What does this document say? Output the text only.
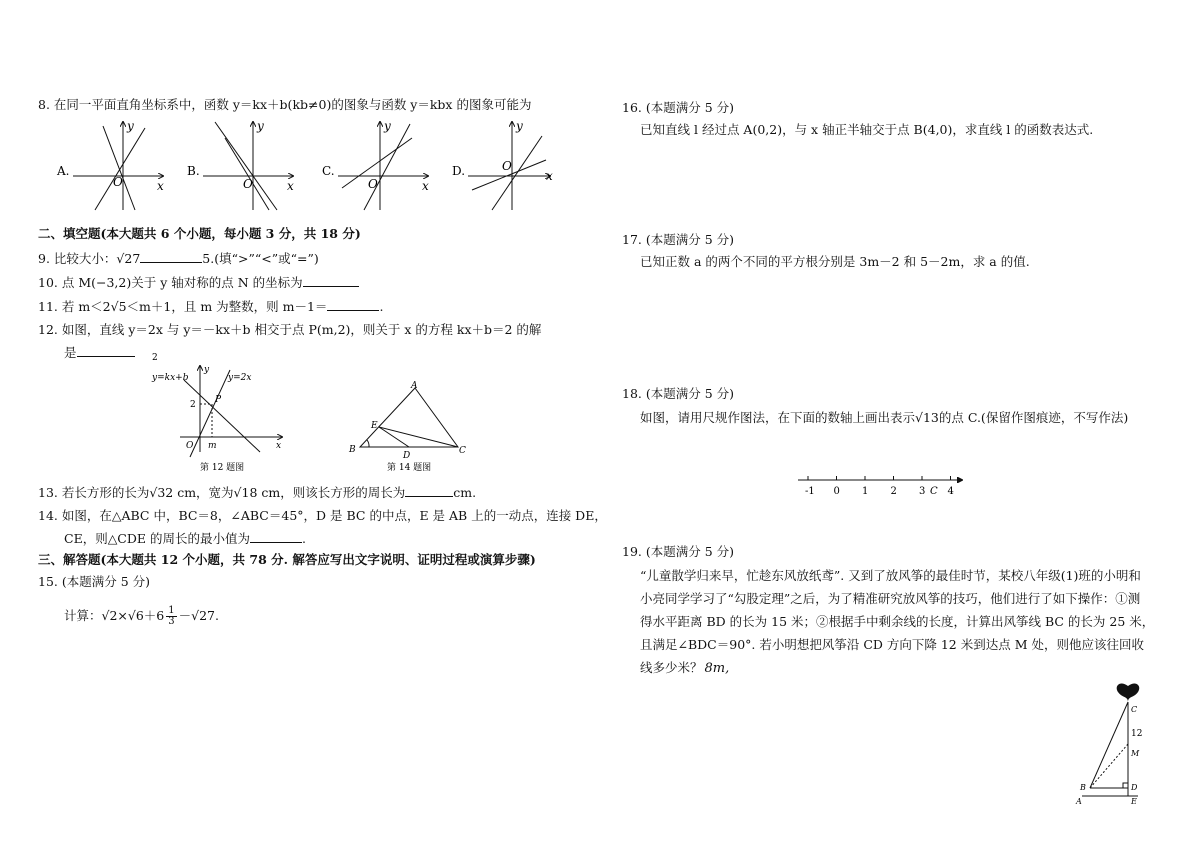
8. 在同一平面直角坐标系中，函数 y＝kx＋b(kb≠0)的图象与函数 y＝kbx 的图象可能为
A.
y
x
O
B.
y
x
O
C.
y
x
O
D.
y
x
O
二、填空题(本大题共 6 个小题，每小题 3 分，共 18 分)
9. 比较大小：√27	5.(填“>”“<”或“=”)
10. 点 M(−3,2)关于 y 轴对称的点 N 的坐标为
11. 若 m＜2√5＜m＋1，且 m 为整数，则 m－1＝	.
12. 如图，直线 y＝2x 与 y＝－kx＋b 相交于点 P(m,2)，则关于 x 的方程 kx＋b＝2 的解
是	2
y=kx+b	y=2x
y
2 P
O m	x
第 12 题图
A
B	C
D
E
第 14 题图
13. 若长方形的长为√32 cm，宽为√18 cm，则该长方形的周长为	cm.
14. 如图，在△ABC 中，BC＝8，∠ABC＝45°，D 是 BC 的中点，E 是 AB 上的一动点，连接 DE，
CE，则△CDE 的周长的最小值为	.
三、解答题(本大题共 12 个小题，共 78 分. 解答应写出文字说明、证明过程或演算步骤)
15. (本题满分 5 分)
计算：$√2\times√6+6 \frac{1}{3} -√27$.
16. (本题满分 5 分)
已知直线 l 经过点 A(0,2)，与 x 轴正半轴交于点 B(4,0)，求直线 l 的函数表达式.
17. (本题满分 5 分)
已知正数 a 的两个不同的平方根分别是 3m－2 和 5－2m，求 a 的值.
18. (本题满分 5 分)
如图，请用尺规作图法，在下面的数轴上画出表示√13的点 C.(保留作图痕迹，不写作法)
-1 0 1 2 3 4
C
19. (本题满分 5 分)
“儿童散学归来早，忙趁东风放纸鸢”. 又到了放风筝的最佳时节，某校八年级(1)班的小明和
小亮同学学习了“勾股定理”之后，为了精准研究放风筝的技巧，他们进行了如下操作：①测
得水平距离 BD 的长为 15 米；②根据手中剩余线的长度，计算出风筝线 BC 的长为 25 米，
且满足∠BDC＝90°. 若小明想把风筝沿 CD 方向下降 12 米到达点 M 处，则他应该往回收
线多少米？ 8m,
C
12
M
B	D
A	E
